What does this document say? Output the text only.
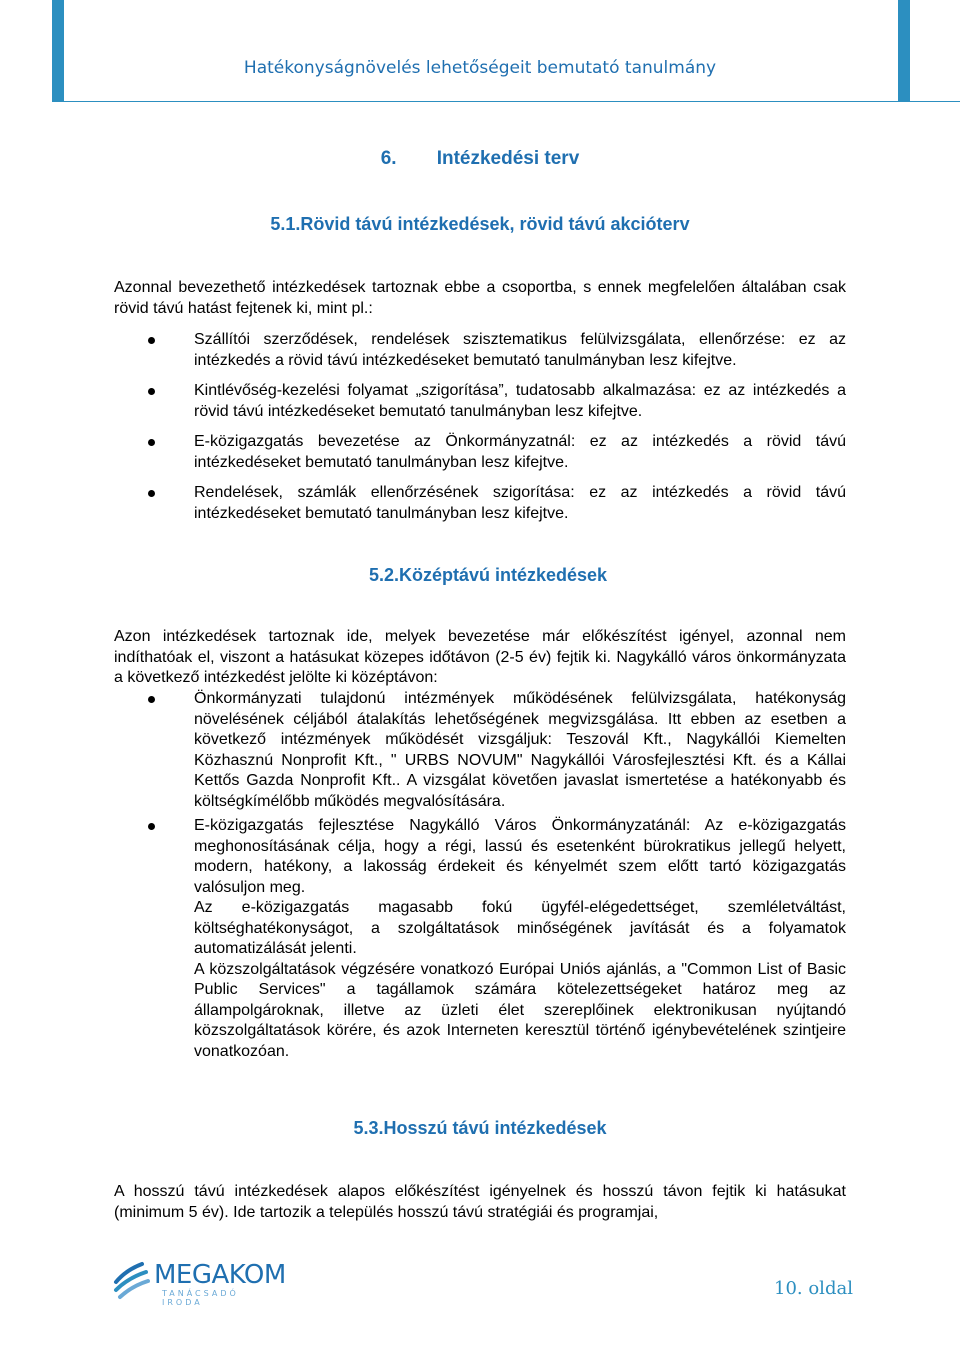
Hatékonyságnövelés lehetőségeit bemutató tanulmány
6. Intézkedési terv
5.1.Rövid távú intézkedések, rövid távú akcióterv
Azonnal bevezethető intézkedések tartoznak ebbe a csoportba, s ennek megfelelően általában csak rövid távú hatást fejtenek ki, mint pl.:
Szállítói szerződések, rendelések szisztematikus felülvizsgálata, ellenőrzése: ez az intézkedés a rövid távú intézkedéseket bemutató tanulmányban lesz kifejtve.
Kintlévőség-kezelési folyamat „szigorítása”, tudatosabb alkalmazása: ez az intézkedés a rövid távú intézkedéseket bemutató tanulmányban lesz kifejtve.
E-közigazgatás bevezetése az Önkormányzatnál: ez az intézkedés a rövid távú intézkedéseket bemutató tanulmányban lesz kifejtve.
Rendelések, számlák ellenőrzésének szigorítása: ez az intézkedés a rövid távú intézkedéseket bemutató tanulmányban lesz kifejtve.
5.2.Középtávú intézkedések
Azon intézkedések tartoznak ide, melyek bevezetése már előkészítést igényel, azonnal nem indíthatóak el, viszont a hatásukat közepes időtávon (2-5 év) fejtik ki. Nagykálló város önkormányzata a következő intézkedést jelölte ki középtávon:
Önkormányzati tulajdonú intézmények működésének felülvizsgálata, hatékonyság növelésének céljából átalakítás lehetőségének megvizsgálása. Itt ebben az esetben a következő intézmények működését vizsgáljuk: Teszovál Kft., Nagykállói Kiemelten Közhasznú Nonprofit Kft., " URBS NOVUM" Nagykállói Városfejlesztési Kft. és a Kállai Kettős Gazda Nonprofit Kft.. A vizsgálat követően javaslat ismertetése a hatékonyabb és költségkímélőbb működés megvalósítására.
E-közigazgatás fejlesztése Nagykálló Város Önkormányzatánál: Az e-közigazgatás meghonosításának célja, hogy a régi, lassú és esetenként bürokratikus jellegű helyett, modern, hatékony, a lakosság érdekeit és kényelmét szem előtt tartó közigazgatás valósuljon meg.
Az e-közigazgatás magasabb fokú ügyfél-elégedettséget, szemléletváltást, költséghatékonyságot, a szolgáltatások minőségének javítását és a folyamatok automatizálását jelenti.
A közszolgáltatások végzésére vonatkozó Európai Uniós ajánlás, a "Common List of Basic Public Services" a tagállamok számára kötelezettségeket határoz meg az állampolgároknak, illetve az üzleti élet szereplőinek elektronikusan nyújtandó közszolgáltatások körére, és azok Interneten keresztül történő igénybevételének szintjeire vonatkozóan.
5.3.Hosszú távú intézkedések
A hosszú távú intézkedések alapos előkészítést igényelnek és hosszú távon fejtik ki hatásukat (minimum 5 év). Ide tartozik a település hosszú távú stratégiái és programjai,
MEGAKOM
TANÁCSADÓ IRODA
10. oldal
